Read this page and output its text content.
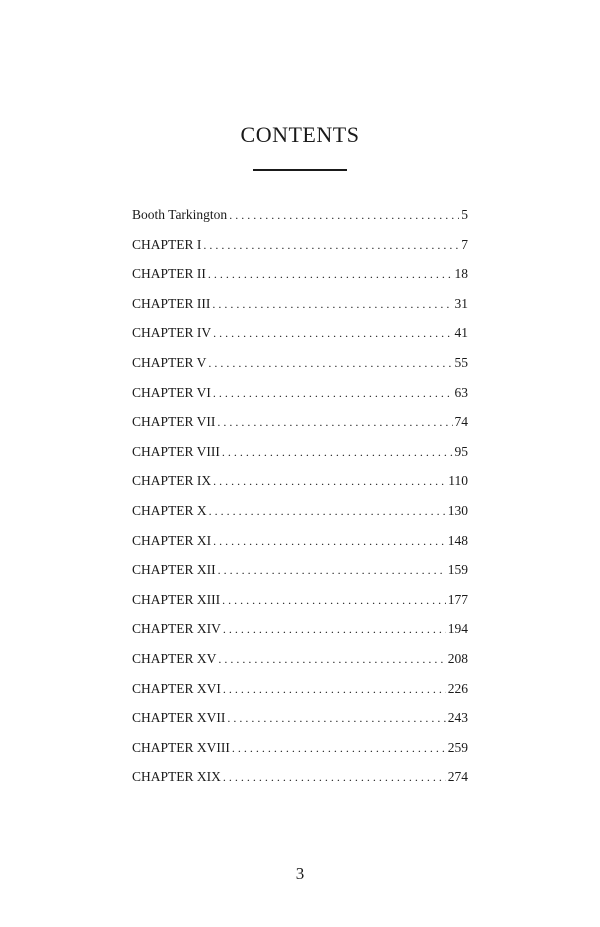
CONTENTS
Booth Tarkington . . .	5
CHAPTER I . . .	7
CHAPTER II . . .	18
CHAPTER III . . .	31
CHAPTER IV . . .	41
CHAPTER V . . .	55
CHAPTER VI . . .	63
CHAPTER VII . . .	74
CHAPTER VIII . . .	95
CHAPTER IX . . .	110
CHAPTER X . . .	130
CHAPTER XI . . .	148
CHAPTER XII . . .	159
CHAPTER XIII . . .	177
CHAPTER XIV . . .	194
CHAPTER XV . . .	208
CHAPTER XVI . . .	226
CHAPTER XVII . . .	243
CHAPTER XVIII . . .	259
CHAPTER XIX . . .	274
3
